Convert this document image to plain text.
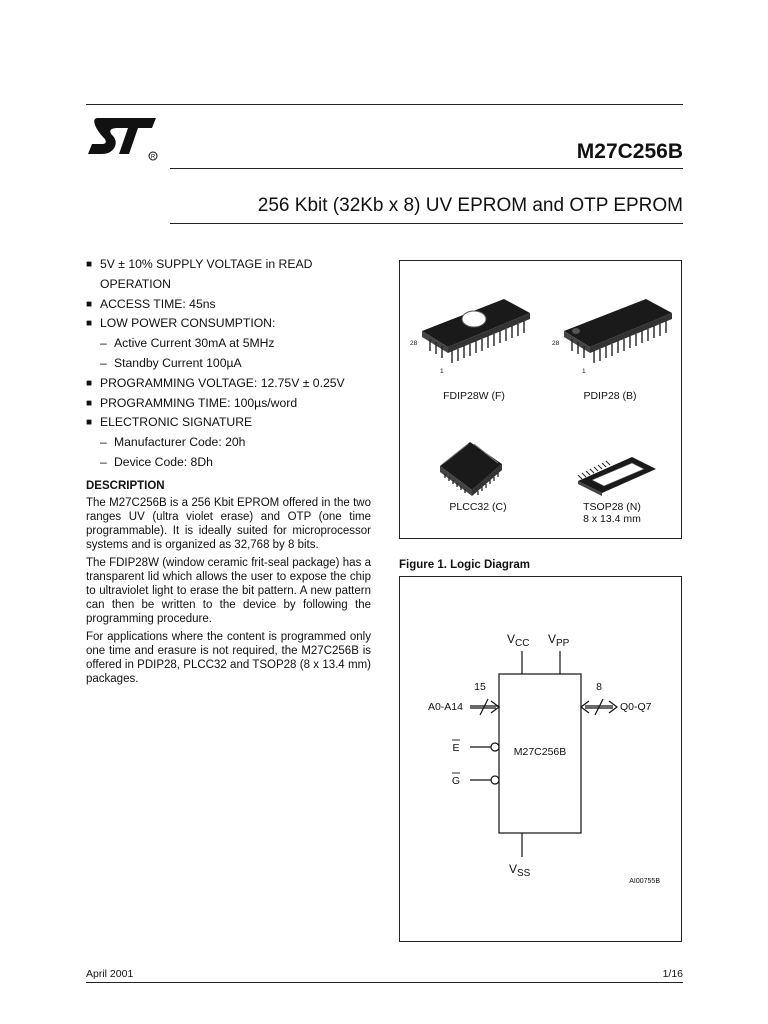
R	M27C256B
256 Kbit (32Kb x 8) UV EPROM and OTP EPROM
■ 5V ± 10% SUPPLY VOLTAGE in READ OPERATION
■ ACCESS TIME: 45ns
■ LOW POWER CONSUMPTION:
– Active Current 30mA at 5MHz
– Standby Current 100µA
■ PROGRAMMING VOLTAGE: 12.75V ± 0.25V
■ PROGRAMMING TIME: 100µs/word
■ ELECTRONIC SIGNATURE
– Manufacturer Code: 20h
– Device Code: 8Dh
DESCRIPTION

The M27C256B is a 256 Kbit EPROM offered in the two ranges UV (ultra violet erase) and OTP (one time programmable). It is ideally suited for microprocessor systems and is organized as 32,768 by 8 bits.

The FDIP28W (window ceramic frit-seal package) has a transparent lid which allows the user to expose the chip to ultraviolet light to erase the bit pattern. A new pattern can then be written to the device by following the programming procedure.

For applications where the content is programmed only one time and erasure is not required, the M27C256B is offered in PDIP28, PLCC32 and TSOP28 (8 x 13.4 mm) packages.

28
1
FDIP28W (F)
28
1
PDIP28 (B)
PLCC32 (C)	TSOP28 (N)
8 x 13.4 mm
Figure 1. Logic Diagram
M27C256B
$V_{CC}$ $V_{PP}$
$V_{SS}$
15
A0-A14
8
Q0-Q7
E
G
AI00755B
April 2001	1/16
